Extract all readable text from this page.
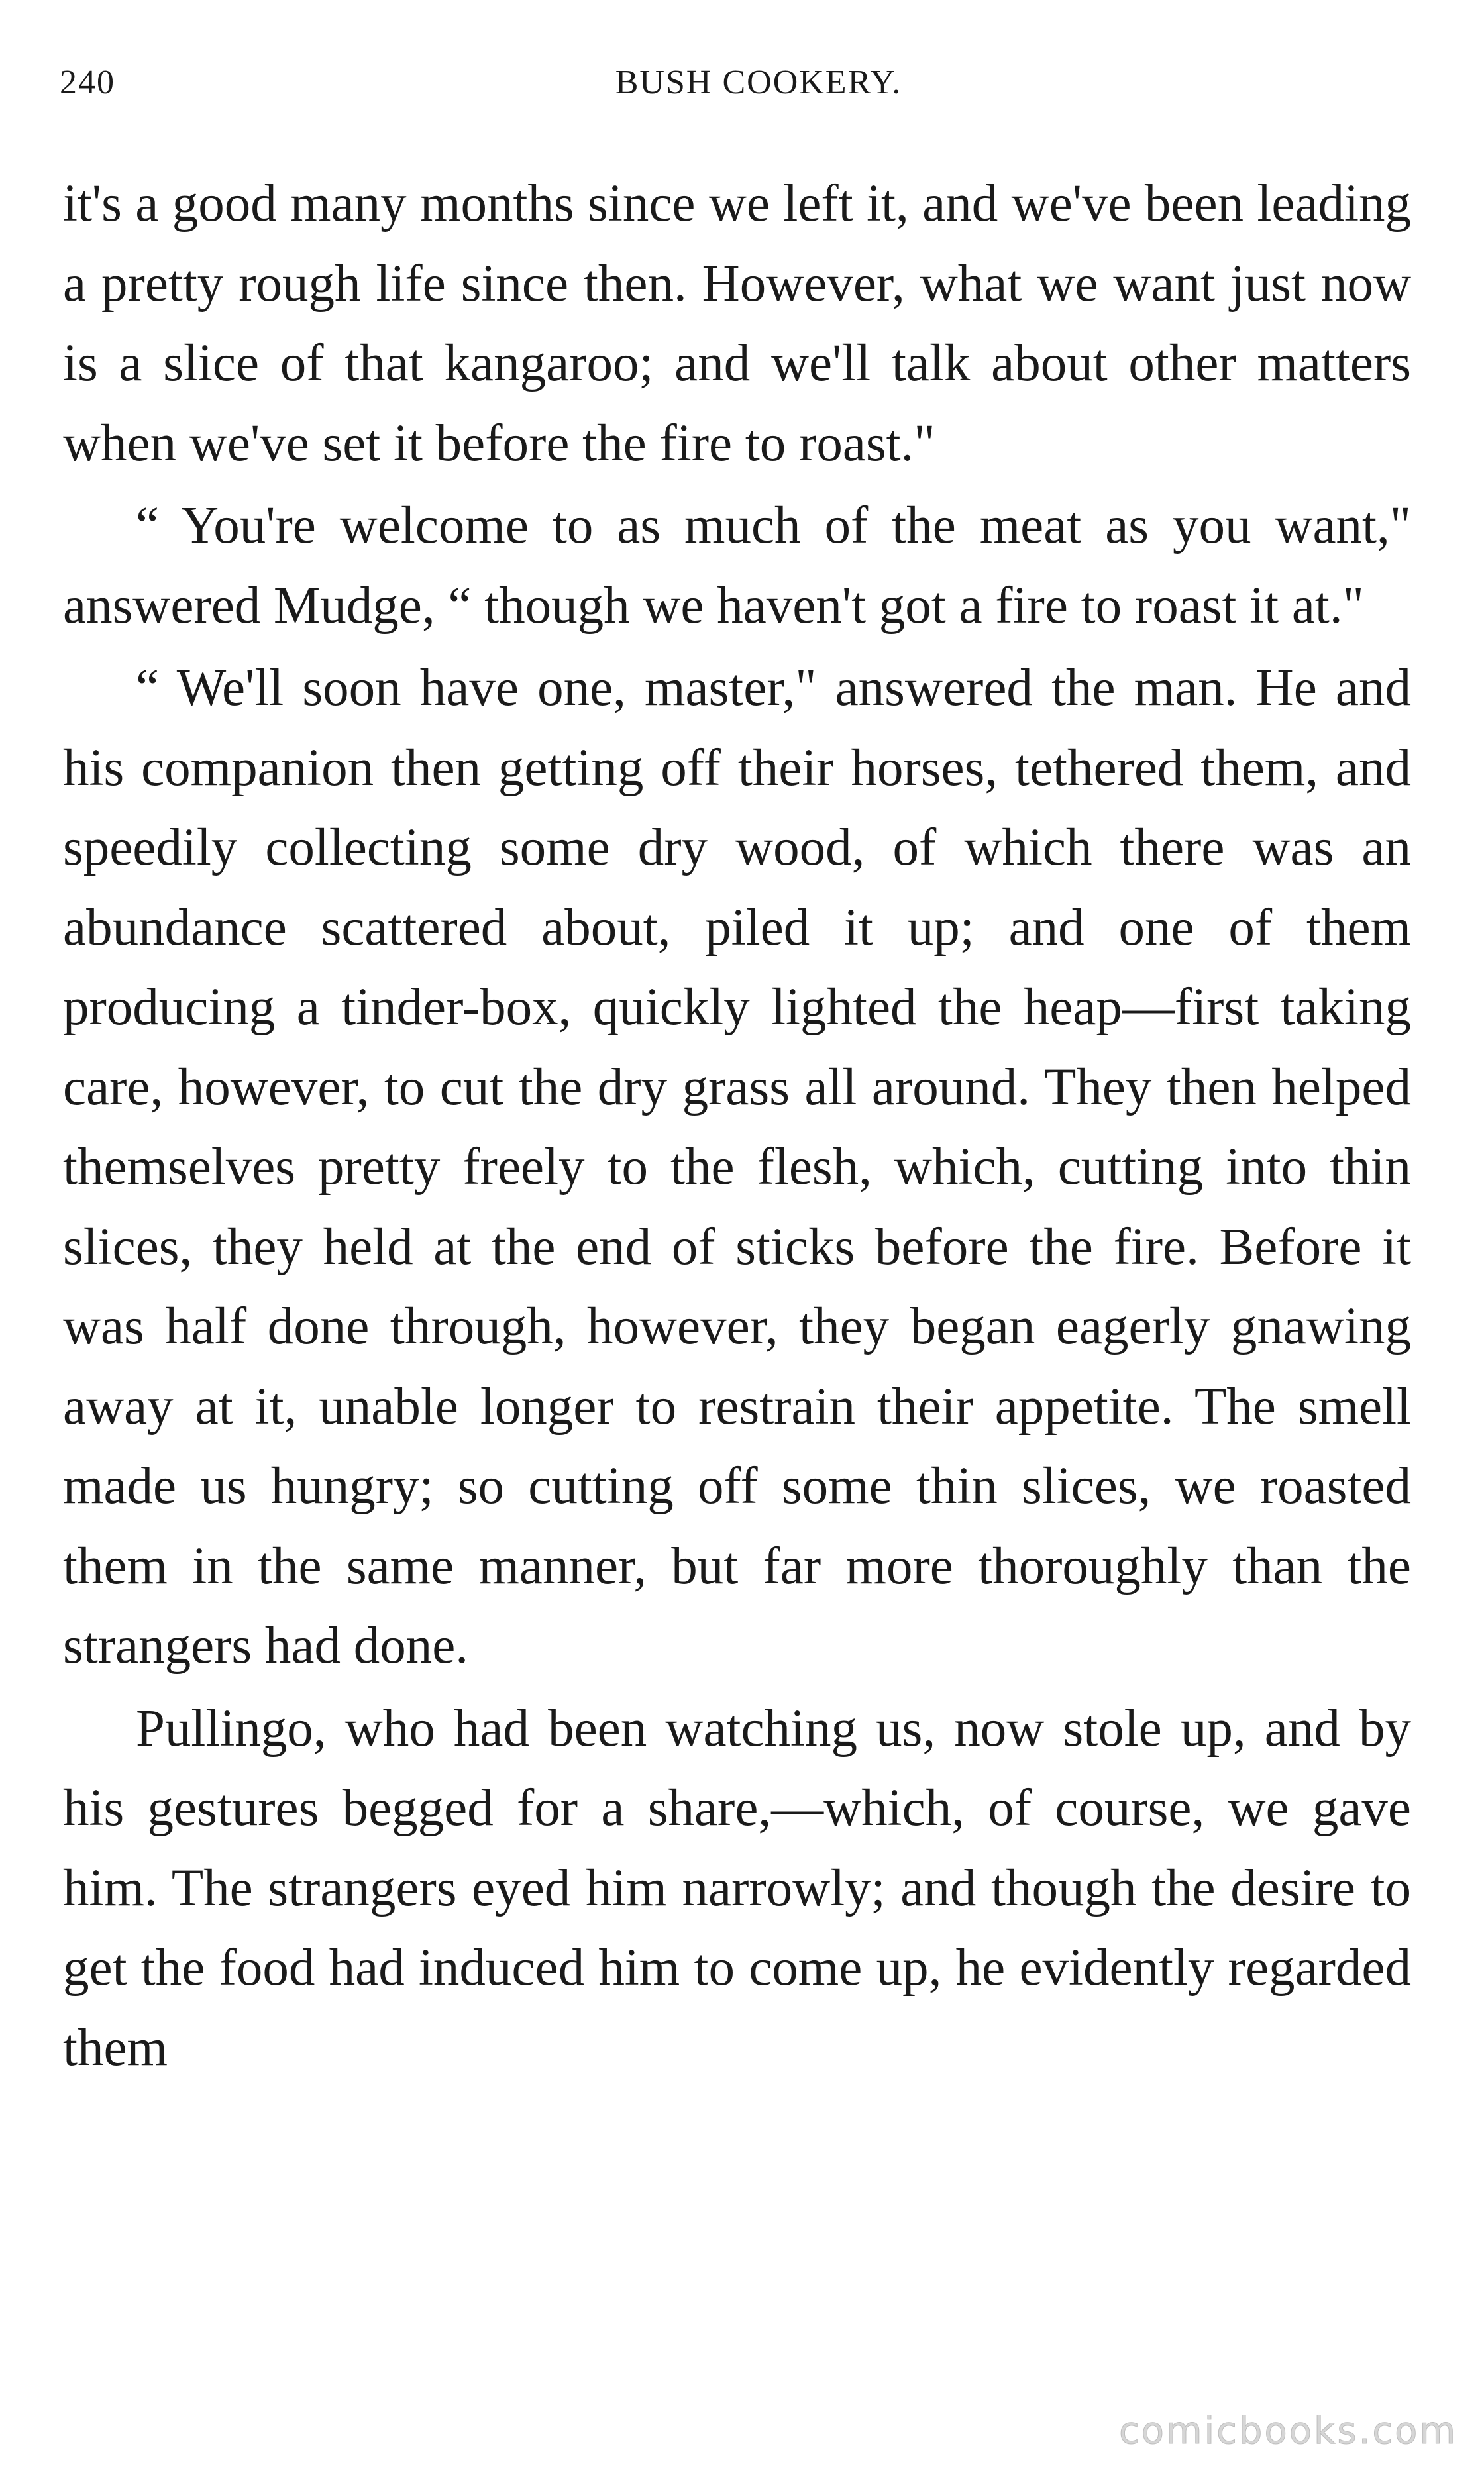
240	BUSH COOKERY.

it's a good many months since we left it, and we've been leading a pretty rough life since then. However, what we want just now is a slice of that kangaroo; and we'll talk about other matters when we've set it before the fire to roast."

“ You're welcome to as much of the meat as you want," answered Mudge, “ though we haven't got a fire to roast it at."

“ We'll soon have one, master," answered the man. He and his companion then getting off their horses, tethered them, and speedily collecting some dry wood, of which there was an abundance scattered about, piled it up; and one of them producing a tinder-box, quickly lighted the heap—first taking care, however, to cut the dry grass all around. They then helped themselves pretty freely to the flesh, which, cutting into thin slices, they held at the end of sticks before the fire. Before it was half done through, however, they began eagerly gnawing away at it, unable longer to restrain their appetite. The smell made us hungry; so cutting off some thin slices, we roasted them in the same manner, but far more thoroughly than the strangers had done.

Pullingo, who had been watching us, now stole up, and by his gestures begged for a share,—which, of course, we gave him. The strangers eyed him narrowly; and though the desire to get the food had induced him to come up, he evidently regarded them

comicbooks.com
